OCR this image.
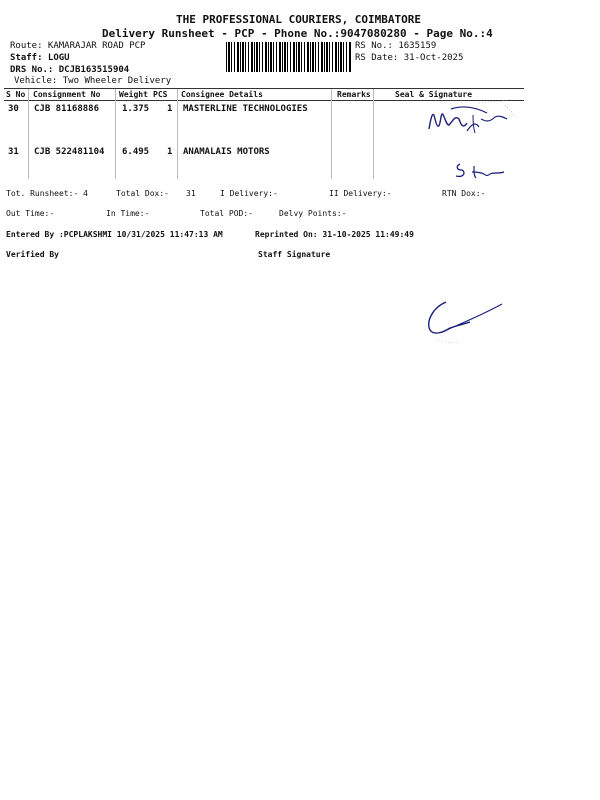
THE PROFESSIONAL COURIERS, COIMBATORE
Delivery Runsheet - PCP - Phone No.:9047080280 - Page No.:4
Route: KAMARAJAR ROAD PCP
Staff: LOGU
DRS No.: DCJB163515904
Vehicle: Two Wheeler Delivery
RS No.: 1635159
RS Date: 31-Oct-2025
S No Consignment No Weight PCS Consignee Details	Remarks	Seal & Signature
30 CJB 81168886	1.375 1 MASTERLINE TECHNOLOGIES
31 CJB 522481104 6.495 1 ANAMALAIS MOTORS
Tot. Runsheet:- 4	Total Dox:- 31	I Delivery:-	II Delivery:-	RTN Dox:-
Out Time:-	In Time:-	Total POD:-	Delvy Points:-
Entered By :PCPLAKSHMI 10/31/2025 11:47:13 AM	Reprinted On: 31-10-2025 11:49:49
Verified By	Staff Signature
